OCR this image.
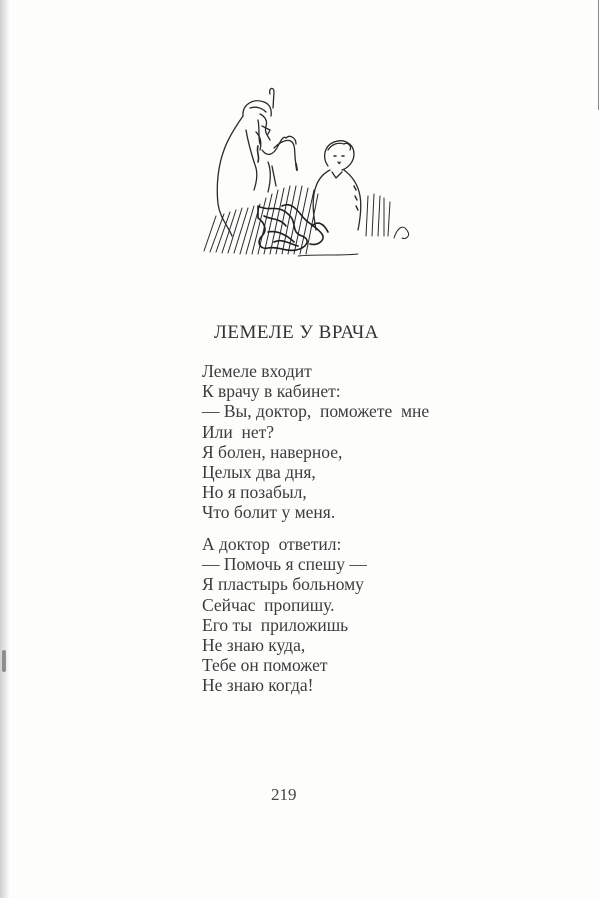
ЛЕМЕЛЕ У ВРАЧА
Лемеле входит
К врачу в кабинет:
— Вы, доктор,  поможете  мне
Или  нет?
Я болен, наверное,
Целых два дня,
Но я позабыл,
Что болит у меня.
А доктор  ответил:
— Помочь я спешу —
Я пластырь больному
Сейчас  пропишу.
Его ты  приложишь
Не знаю куда,
Тебе он поможет
Не знаю когда!
219
